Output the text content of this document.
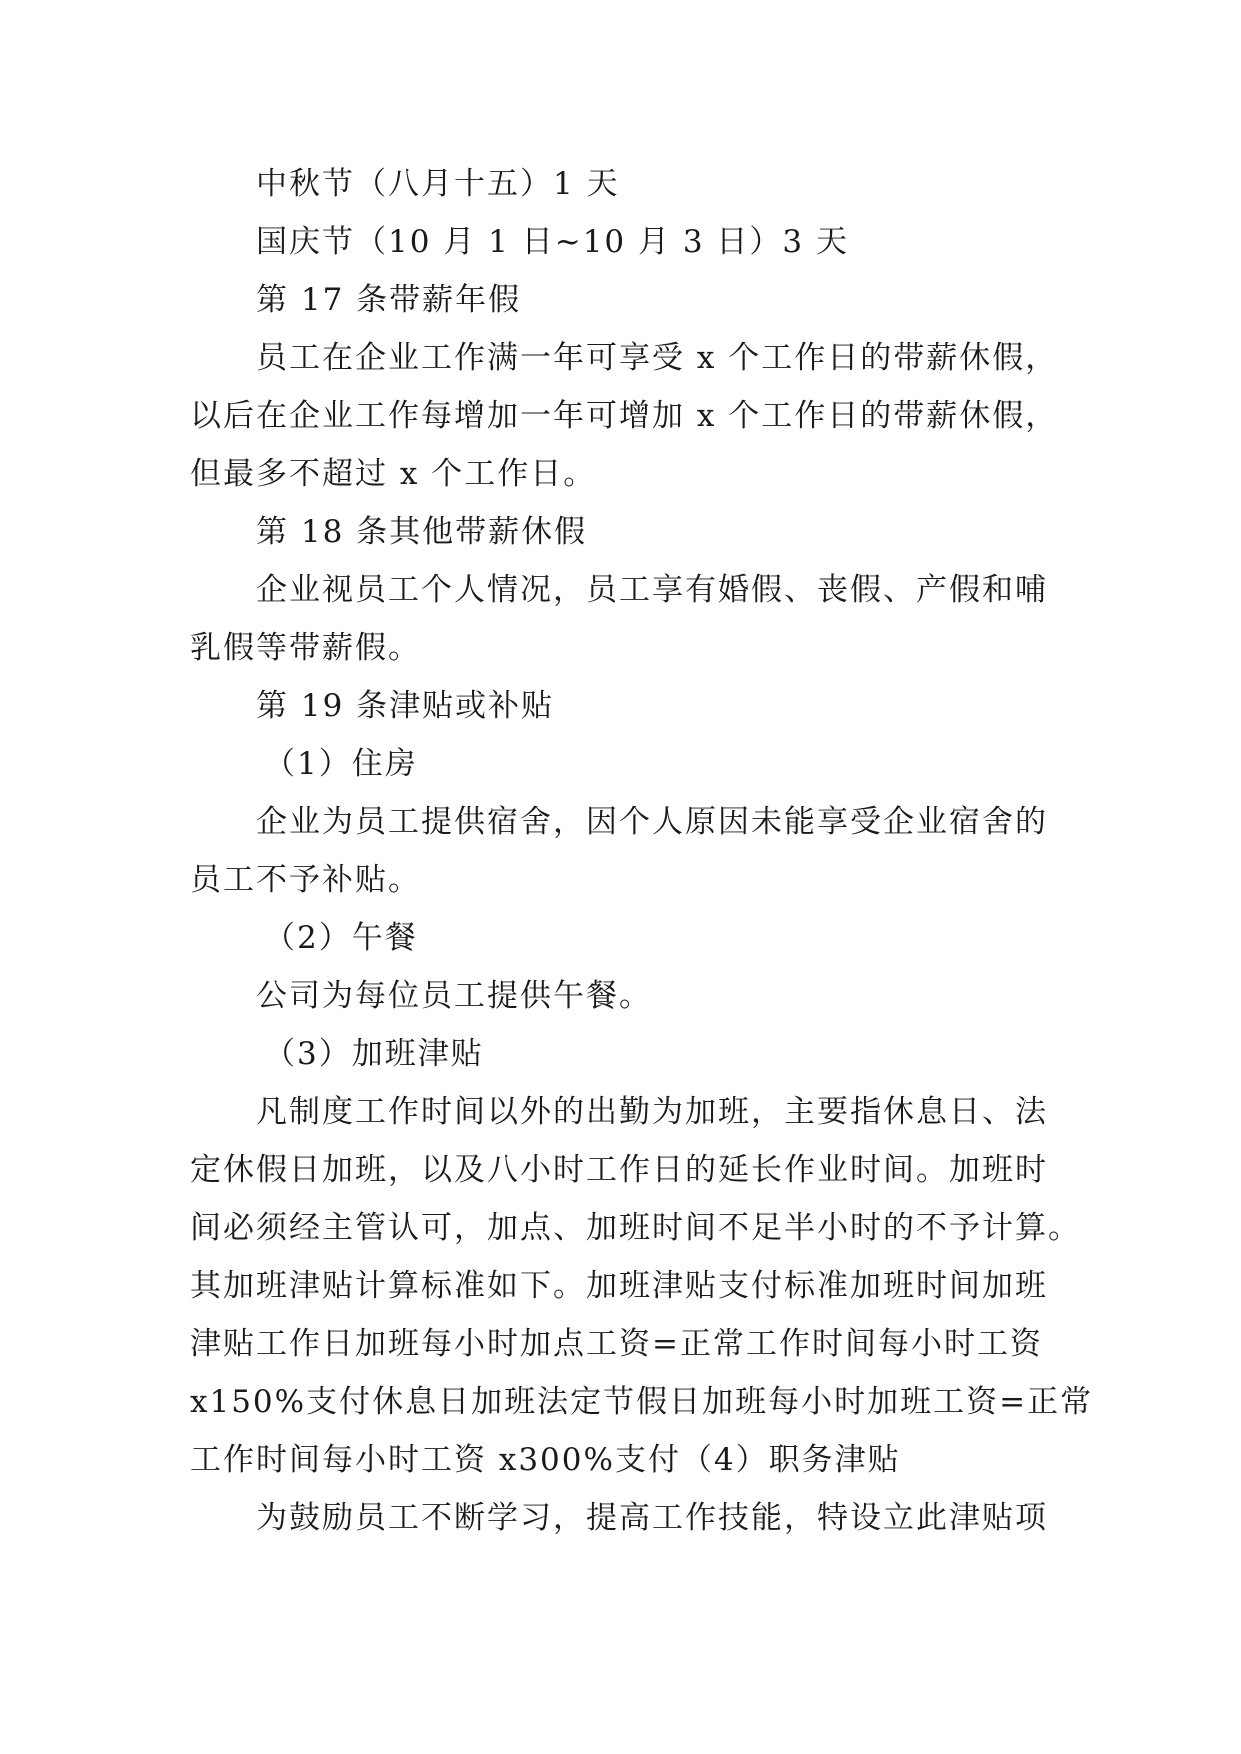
中秋节（八月十五）1 天

国庆节（10 月 1 日~10 月 3 日）3 天

第 17 条带薪年假

员工在企业工作满一年可享受 x 个工作日的带薪休假，

以后在企业工作每增加一年可增加 x 个工作日的带薪休假，

但最多不超过 x 个工作日。

第 18 条其他带薪休假

企业视员工个人情况，员工享有婚假、丧假、产假和哺

乳假等带薪假。

第 19 条津贴或补贴

（1）住房

企业为员工提供宿舍，因个人原因未能享受企业宿舍的

员工不予补贴。

（2）午餐

公司为每位员工提供午餐。

（3）加班津贴

凡制度工作时间以外的出勤为加班，主要指休息日、法

定休假日加班，以及八小时工作日的延长作业时间。加班时

间必须经主管认可，加点、加班时间不足半小时的不予计算。

其加班津贴计算标准如下。加班津贴支付标准加班时间加班

津贴工作日加班每小时加点工资=正常工作时间每小时工资

x150%支付休息日加班法定节假日加班每小时加班工资=正常

工作时间每小时工资 x300%支付（4）职务津贴

为鼓励员工不断学习，提高工作技能，特设立此津贴项
